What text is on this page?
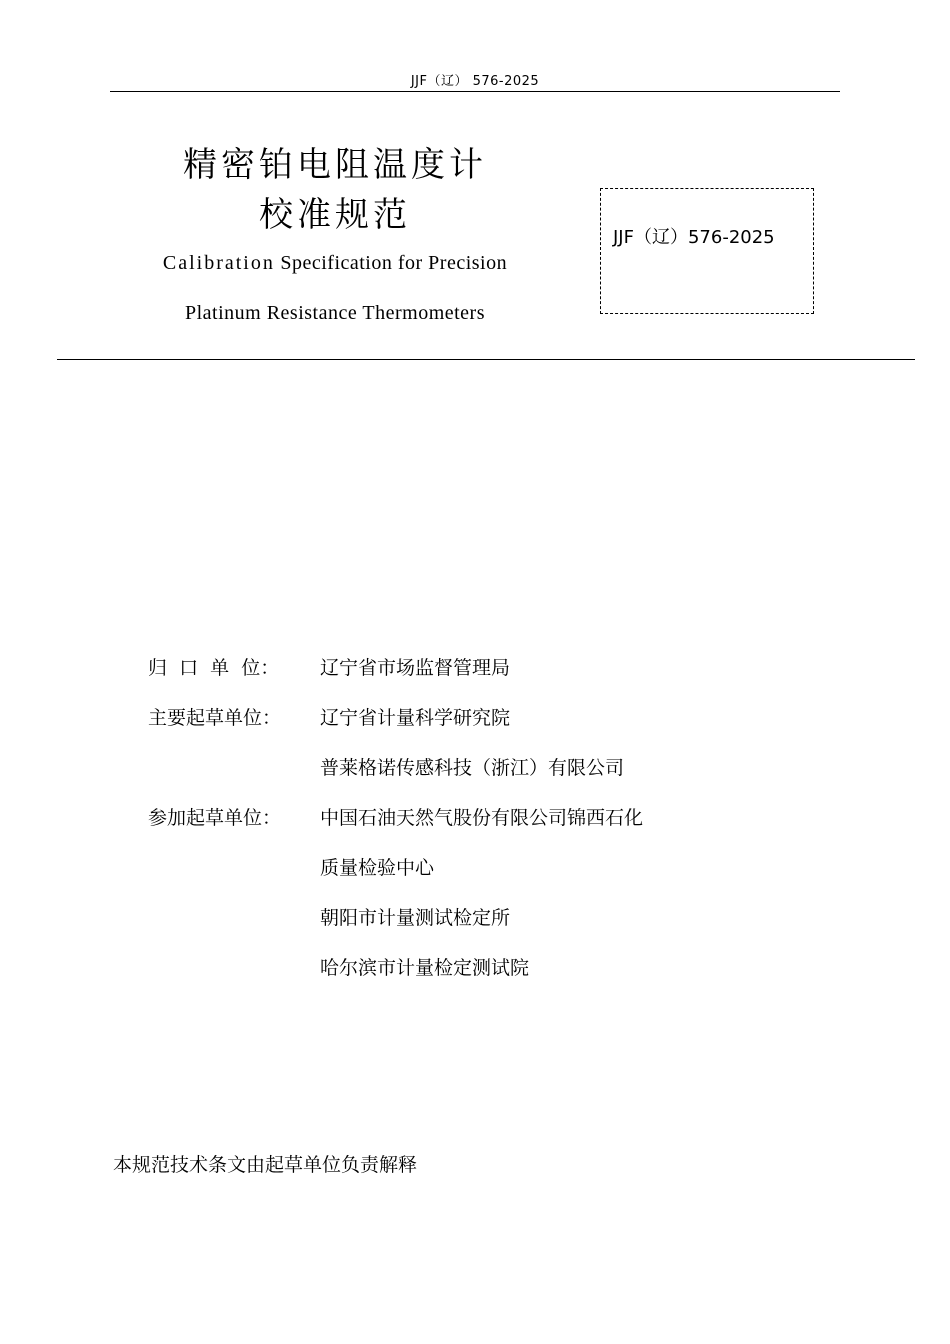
JJF（辽） 576-2025
精密铂电阻温度计
校准规范
Calibration Specification for Precision
Platinum Resistance Thermometers
JJF（辽）576-2025
归  口  单  位：	辽宁省市场监督管理局
主要起草单位：	辽宁省计量科学研究院
普莱格诺传感科技（浙江）有限公司
参加起草单位：	中国石油天然气股份有限公司锦西石化
质量检验中心
朝阳市计量测试检定所
哈尔滨市计量检定测试院
本规范技术条文由起草单位负责解释
